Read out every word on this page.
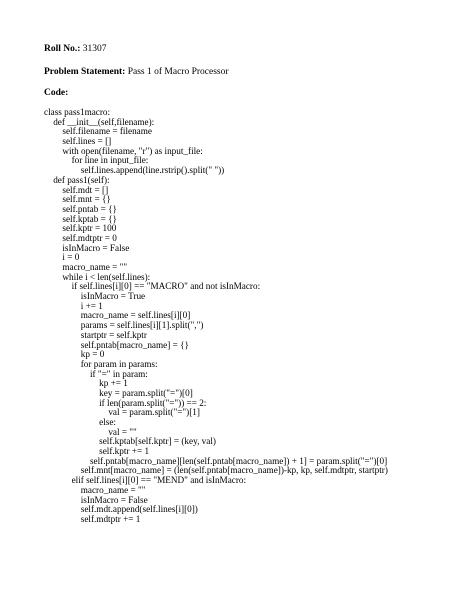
Roll No.: 31307
Problem Statement: Pass 1 of Macro Processor
Code:
class pass1macro:
def __init__(self,filename):
self.filename = filename
self.lines = []
with open(filename, "r") as input_file:
for line in input_file:
self.lines.append(line.rstrip().split(" "))
def pass1(self):
self.mdt = []
self.mnt = {}
self.pntab = {}
self.kptab = {}
self.kptr = 100
self.mdtptr = 0
isInMacro = False
i = 0
macro_name = ""
while i < len(self.lines):
if self.lines[i][0] == "MACRO" and not isInMacro:
isInMacro = True
i += 1
macro_name = self.lines[i][0]
params = self.lines[i][1].split(",")
startptr = self.kptr
self.pntab[macro_name] = {}
kp = 0
for param in params:
if "=" in param:
kp += 1
key = param.split("=")[0]
if len(param.split("=")) == 2:
val = param.split("=")[1]
else:
val = ""
self.kptab[self.kptr] = (key, val)
self.kptr += 1
self.pntab[macro_name][len(self.pntab[macro_name]) + 1] = param.split("=")[0]
self.mnt[macro_name] = (len(self.pntab[macro_name])-kp, kp, self.mdtptr, startptr)
elif self.lines[i][0] == "MEND" and isInMacro:
macro_name = ""
isInMacro = False
self.mdt.append(self.lines[i][0])
self.mdtptr += 1
